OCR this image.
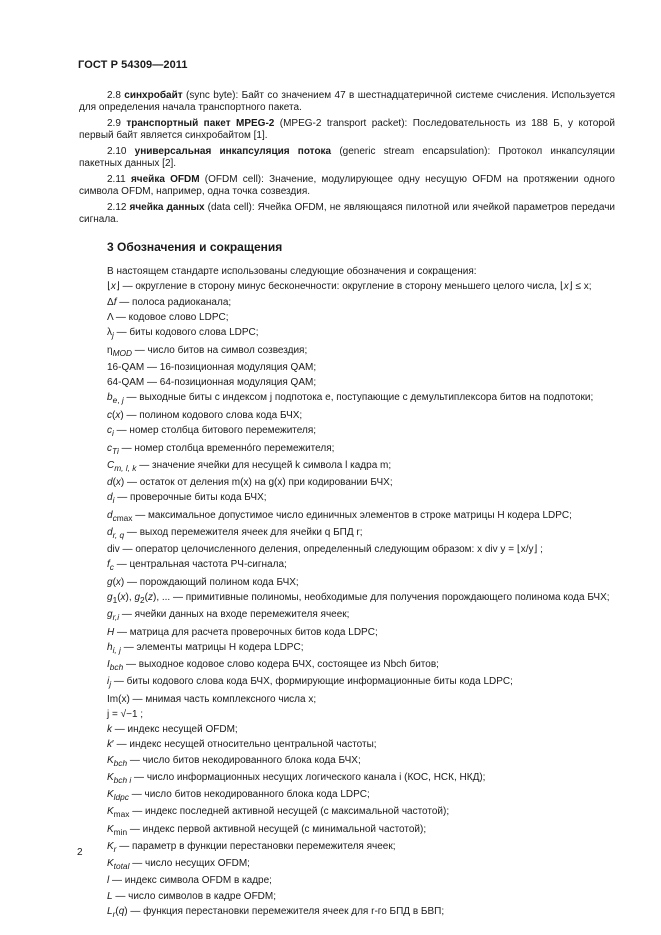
ГОСТ Р 54309—2011

2.8 синхробайт (sync byte): Байт со значением 47 в шестнадцатеричной системе счисления. Используется для определения начала транспортного пакета.

2.9 транспортный пакет MPEG-2 (MPEG-2 transport packet): Последовательность из 188 Б, у которой первый байт является синхробайтом [1].

2.10 универсальная инкапсуляция потока (generic stream encapsulation): Протокол инкапсуляции пакетных данных [2].

2.11 ячейка OFDM (OFDM cell): Значение, модулирующее одну несущую OFDM на протяжении одного символа OFDM, например, одна точка созвездия.

2.12 ячейка данных (data cell): Ячейка OFDM, не являющаяся пилотной или ячейкой параметров передачи сигнала.

3 Обозначения и сокращения

В настоящем стандарте использованы следующие обозначения и сокращения:

⌊x⌋ — округление в сторону минус бесконечности: округление в сторону меньшего целого числа, ⌊x⌋ ≤ x;

Δf — полоса радиоканала;

Λ — кодовое слово LDPC;

$\lambda_j$ — биты кодового слова LDPC;

$\eta_{MOD}$ — число битов на символ созвездия;

16-QAM — 16-позиционная модуляция QAM;

64-QAM — 64-позиционная модуляция QAM;

$b_{e, j}$ — выходные биты с индексом j подпотока e, поступающие с демультиплексора битов на подпотоки;

c(x) — полином кодового слова кода БЧХ;

$c_i$ — номер столбца битового перемежителя;

$c_{Ti}$ — номер столбца временно́го перемежителя;

$C_{m, l, k}$ — значение ячейки для несущей k символа l кадра m;

d(x) — остаток от деления m(x) на g(x) при кодировании БЧХ;

$d_i$ — проверочные биты кода БЧХ;

$d_{cmax}$ — максимальное допустимое число единичных элементов в строке матрицы H кодера LDPC;

$d_{r, q}$ — выход перемежителя ячеек для ячейки q БПД r;

div — оператор целочисленного деления, определенный следующим образом: x div y = ⌊x/y⌋ ;

$f_c$ — центральная частота РЧ-сигнала;

g(x) — порождающий полином кода БЧХ;

$g_1(x)$, $g_2(z)$, ... — примитивные полиномы, необходимые для получения порождающего полинома кода БЧХ;

$g_{r,i}$ — ячейки данных на входе перемежителя ячеек;

H — матрица для расчета проверочных битов кода LDPC;

$h_{i, j}$ — элементы матрицы H кодера LDPC;

$I_{bch}$ — выходное кодовое слово кодера БЧХ, состоящее из Nbch битов;

$i_j$ — биты кодового слова кода БЧХ, формирующие информационные биты кода LDPC;

Im(x) — мнимая часть комплексного числа x;

j = √−1 ;

k — индекс несущей OFDM;

k′ — индекс несущей относительно центральной частоты;

$K_{bch}$ — число битов некодированного блока кода БЧХ;

$K_{bch i}$ — число информационных несущих логического канала i (КОС, НСК, НКД);

$K_{ldpc}$ — число битов некодированного блока кода LDPC;

$K_{max}$ — индекс последней активной несущей (с максимальной частотой);

$K_{min}$ — индекс первой активной несущей (с минимальной частотой);

$K_r$ — параметр в функции перестановки перемежителя ячеек;

$K_{total}$ — число несущих OFDM;

l — индекс символа OFDM в кадре;

L — число символов в кадре OFDM;

$L_r(q)$ — функция перестановки перемежителя ячеек для r-го БПД в БВП;

2
